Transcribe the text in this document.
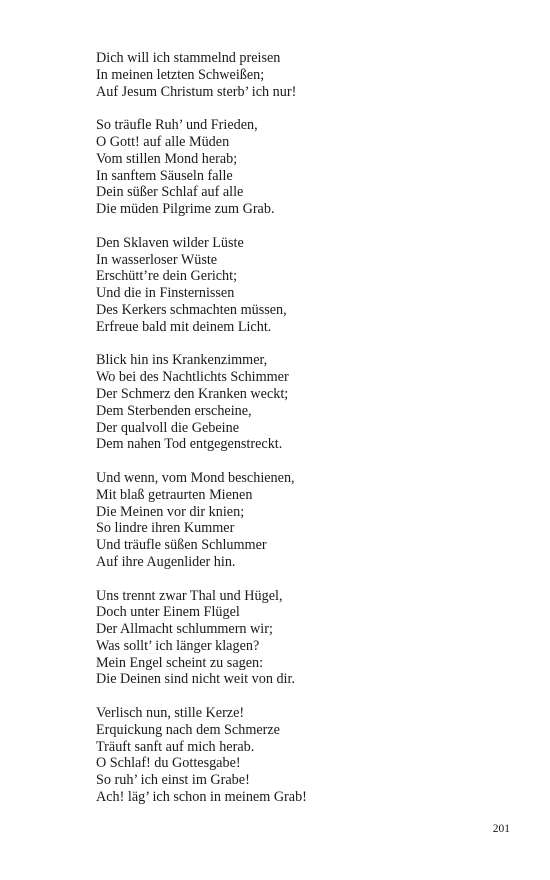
Dich will ich stammelnd preisen
In meinen letzten Schweißen;
Auf Jesum Christum sterb’ ich nur!
So träufle Ruh’ und Frieden,
O Gott! auf alle Müden
Vom stillen Mond herab;
In sanftem Säuseln falle
Dein süßer Schlaf auf alle
Die müden Pilgrime zum Grab.
Den Sklaven wilder Lüste
In wasserloser Wüste
Erschütt’re dein Gericht;
Und die in Finsternissen
Des Kerkers schmachten müssen,
Erfreue bald mit deinem Licht.
Blick hin ins Krankenzimmer,
Wo bei des Nachtlichts Schimmer
Der Schmerz den Kranken weckt;
Dem Sterbenden erscheine,
Der qualvoll die Gebeine
Dem nahen Tod entgegenstreckt.
Und wenn, vom Mond beschienen,
Mit blaß getraurten Mienen
Die Meinen vor dir knien;
So lindre ihren Kummer
Und träufle süßen Schlummer
Auf ihre Augenlider hin.
Uns trennt zwar Thal und Hügel,
Doch unter Einem Flügel
Der Allmacht schlummern wir;
Was sollt’ ich länger klagen?
Mein Engel scheint zu sagen:
Die Deinen sind nicht weit von dir.
Verlisch nun, stille Kerze!
Erquickung nach dem Schmerze
Träuft sanft auf mich herab.
O Schlaf! du Gottesgabe!
So ruh’ ich einst im Grabe!
Ach! läg’ ich schon in meinem Grab!
201
